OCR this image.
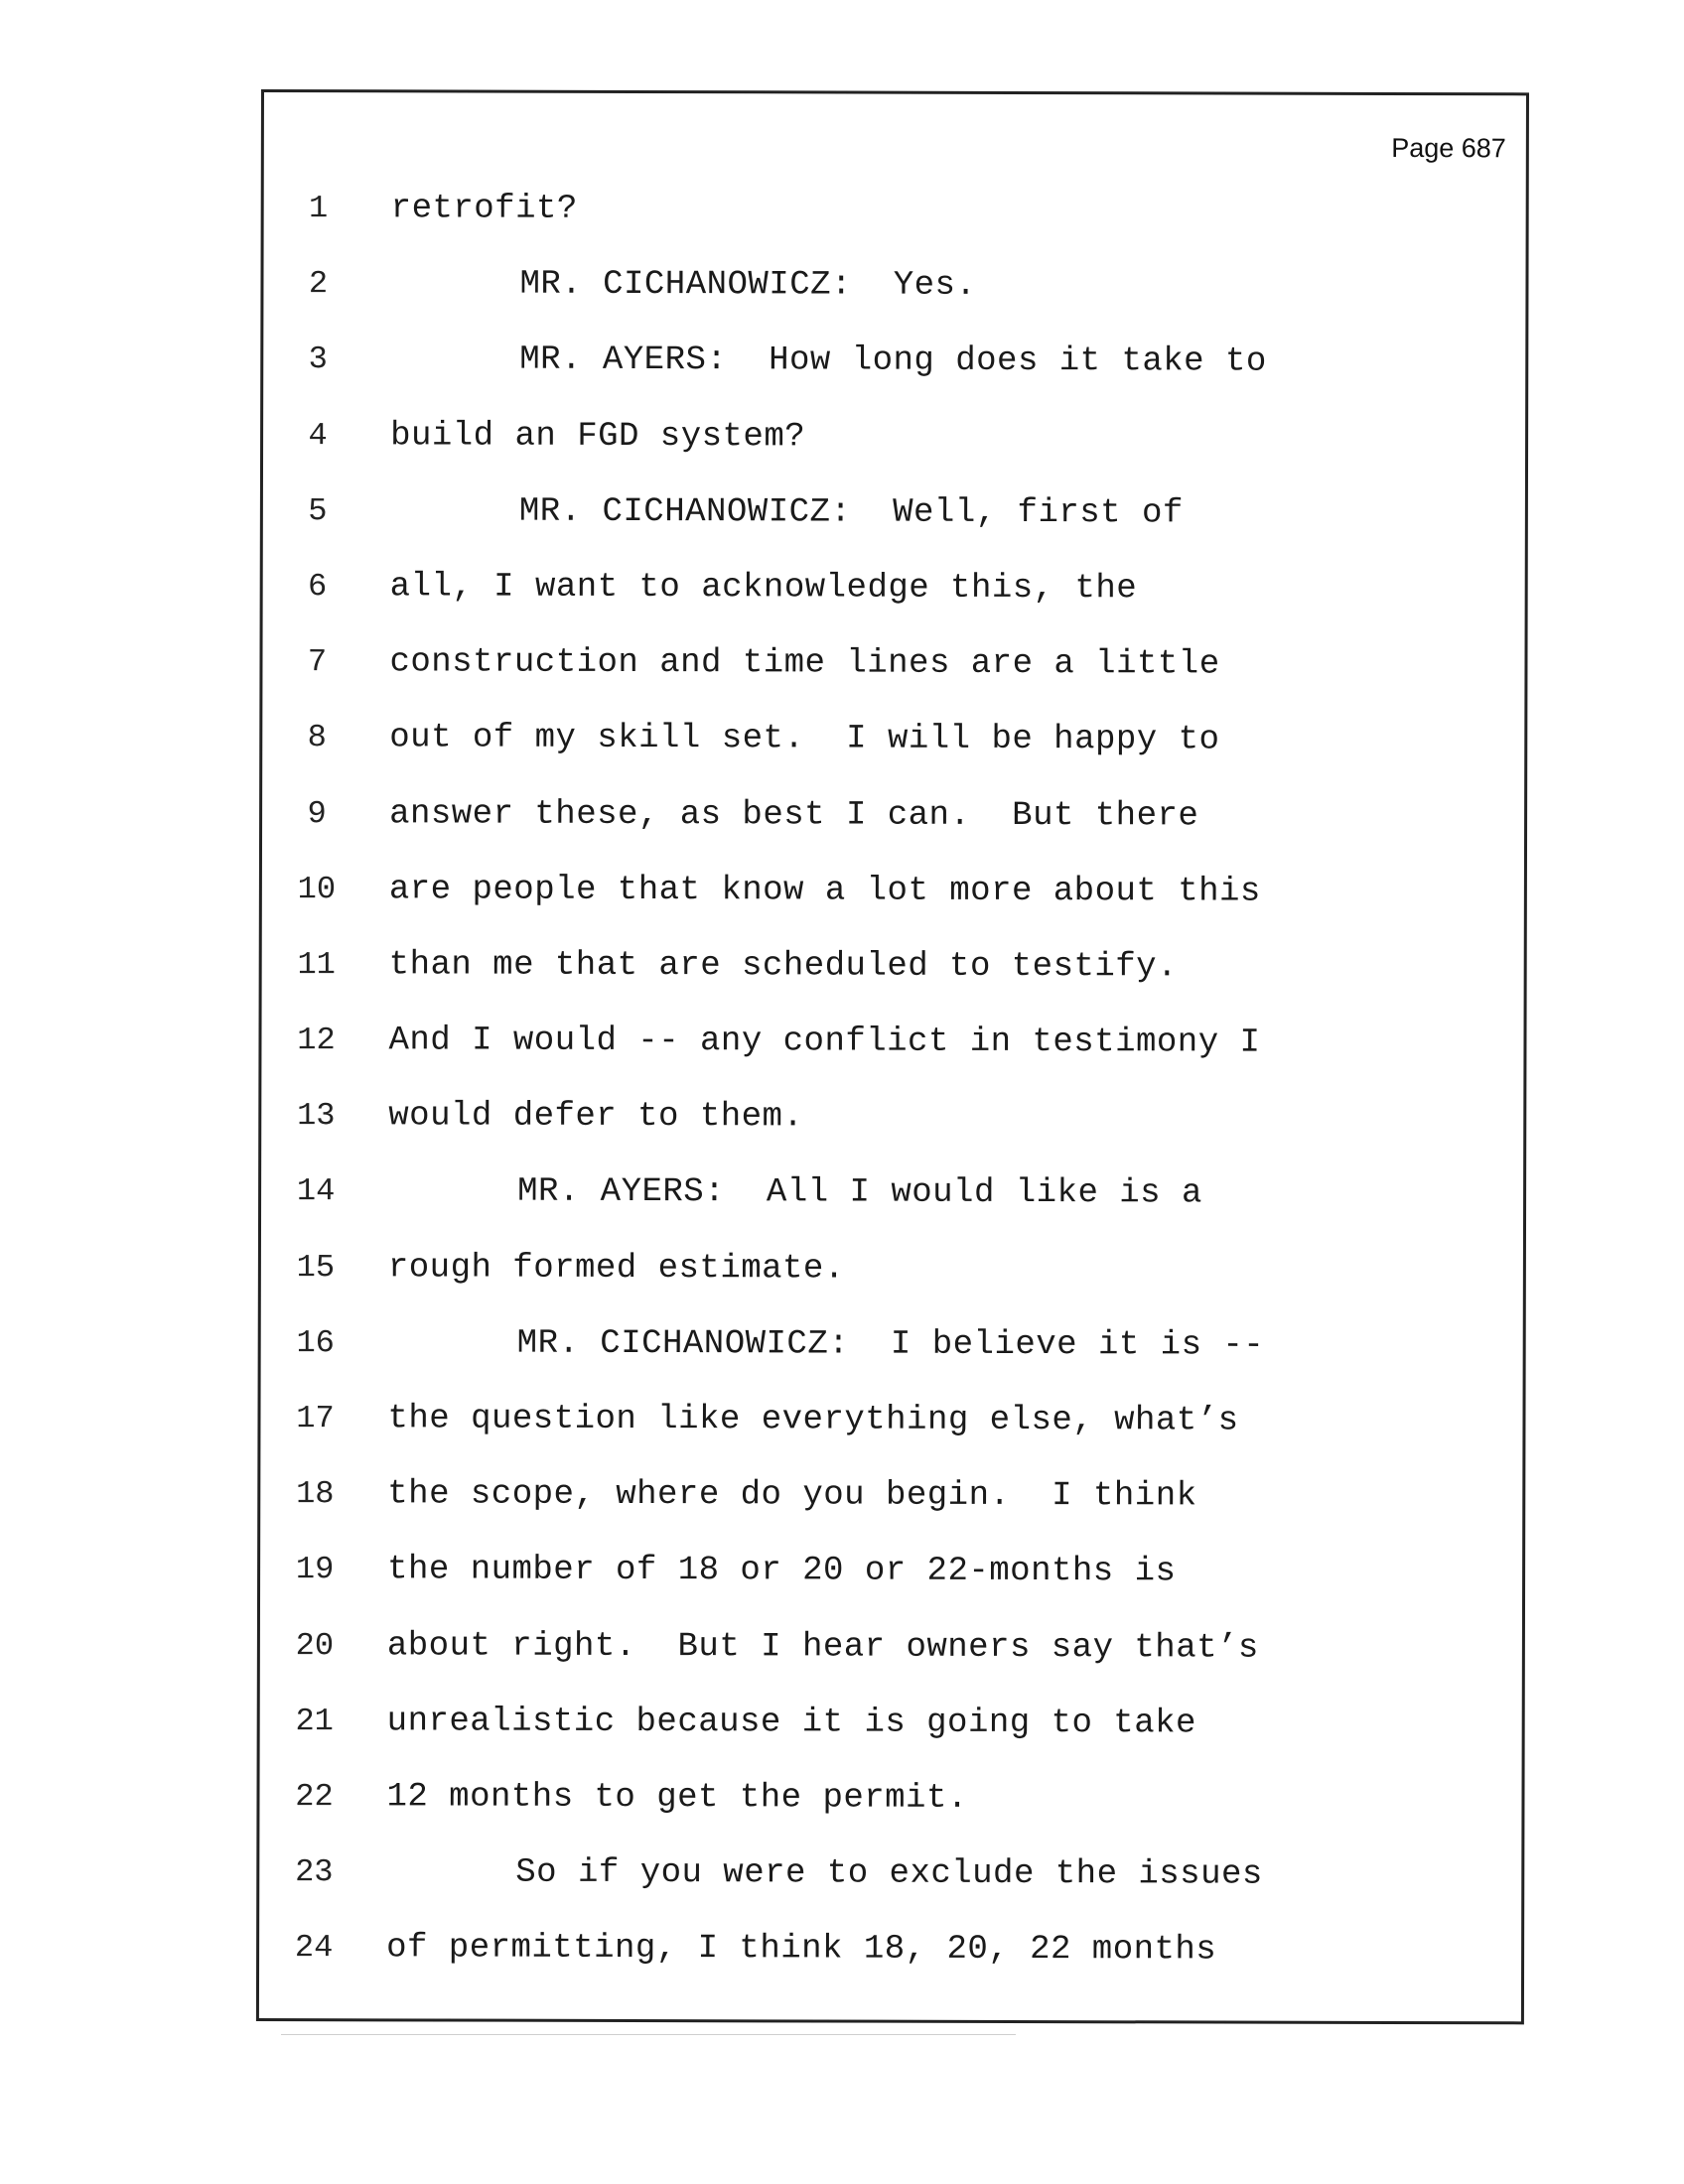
Page 687
1	retrofit?
2	MR. CICHANOWICZ:  Yes.
3	MR. AYERS:  How long does it take to
4	build an FGD system?
5	MR. CICHANOWICZ:  Well, first of
6	all, I want to acknowledge this, the
7	construction and time lines are a little
8	out of my skill set.  I will be happy to
9	answer these, as best I can.  But there
10 are people that know a lot more about this
11 than me that are scheduled to testify.
12 And I would -- any conflict in testimony I
13 would defer to them.
14	MR. AYERS:  All I would like is a
15 rough formed estimate.
16	MR. CICHANOWICZ:  I believe it is --
17 the question like everything else, what’s
18 the scope, where do you begin.  I think
19 the number of 18 or 20 or 22-months is
20 about right.  But I hear owners say that’s
21 unrealistic because it is going to take
22 12 months to get the permit.
23	So if you were to exclude the issues
24 of permitting, I think 18, 20, 22 months
